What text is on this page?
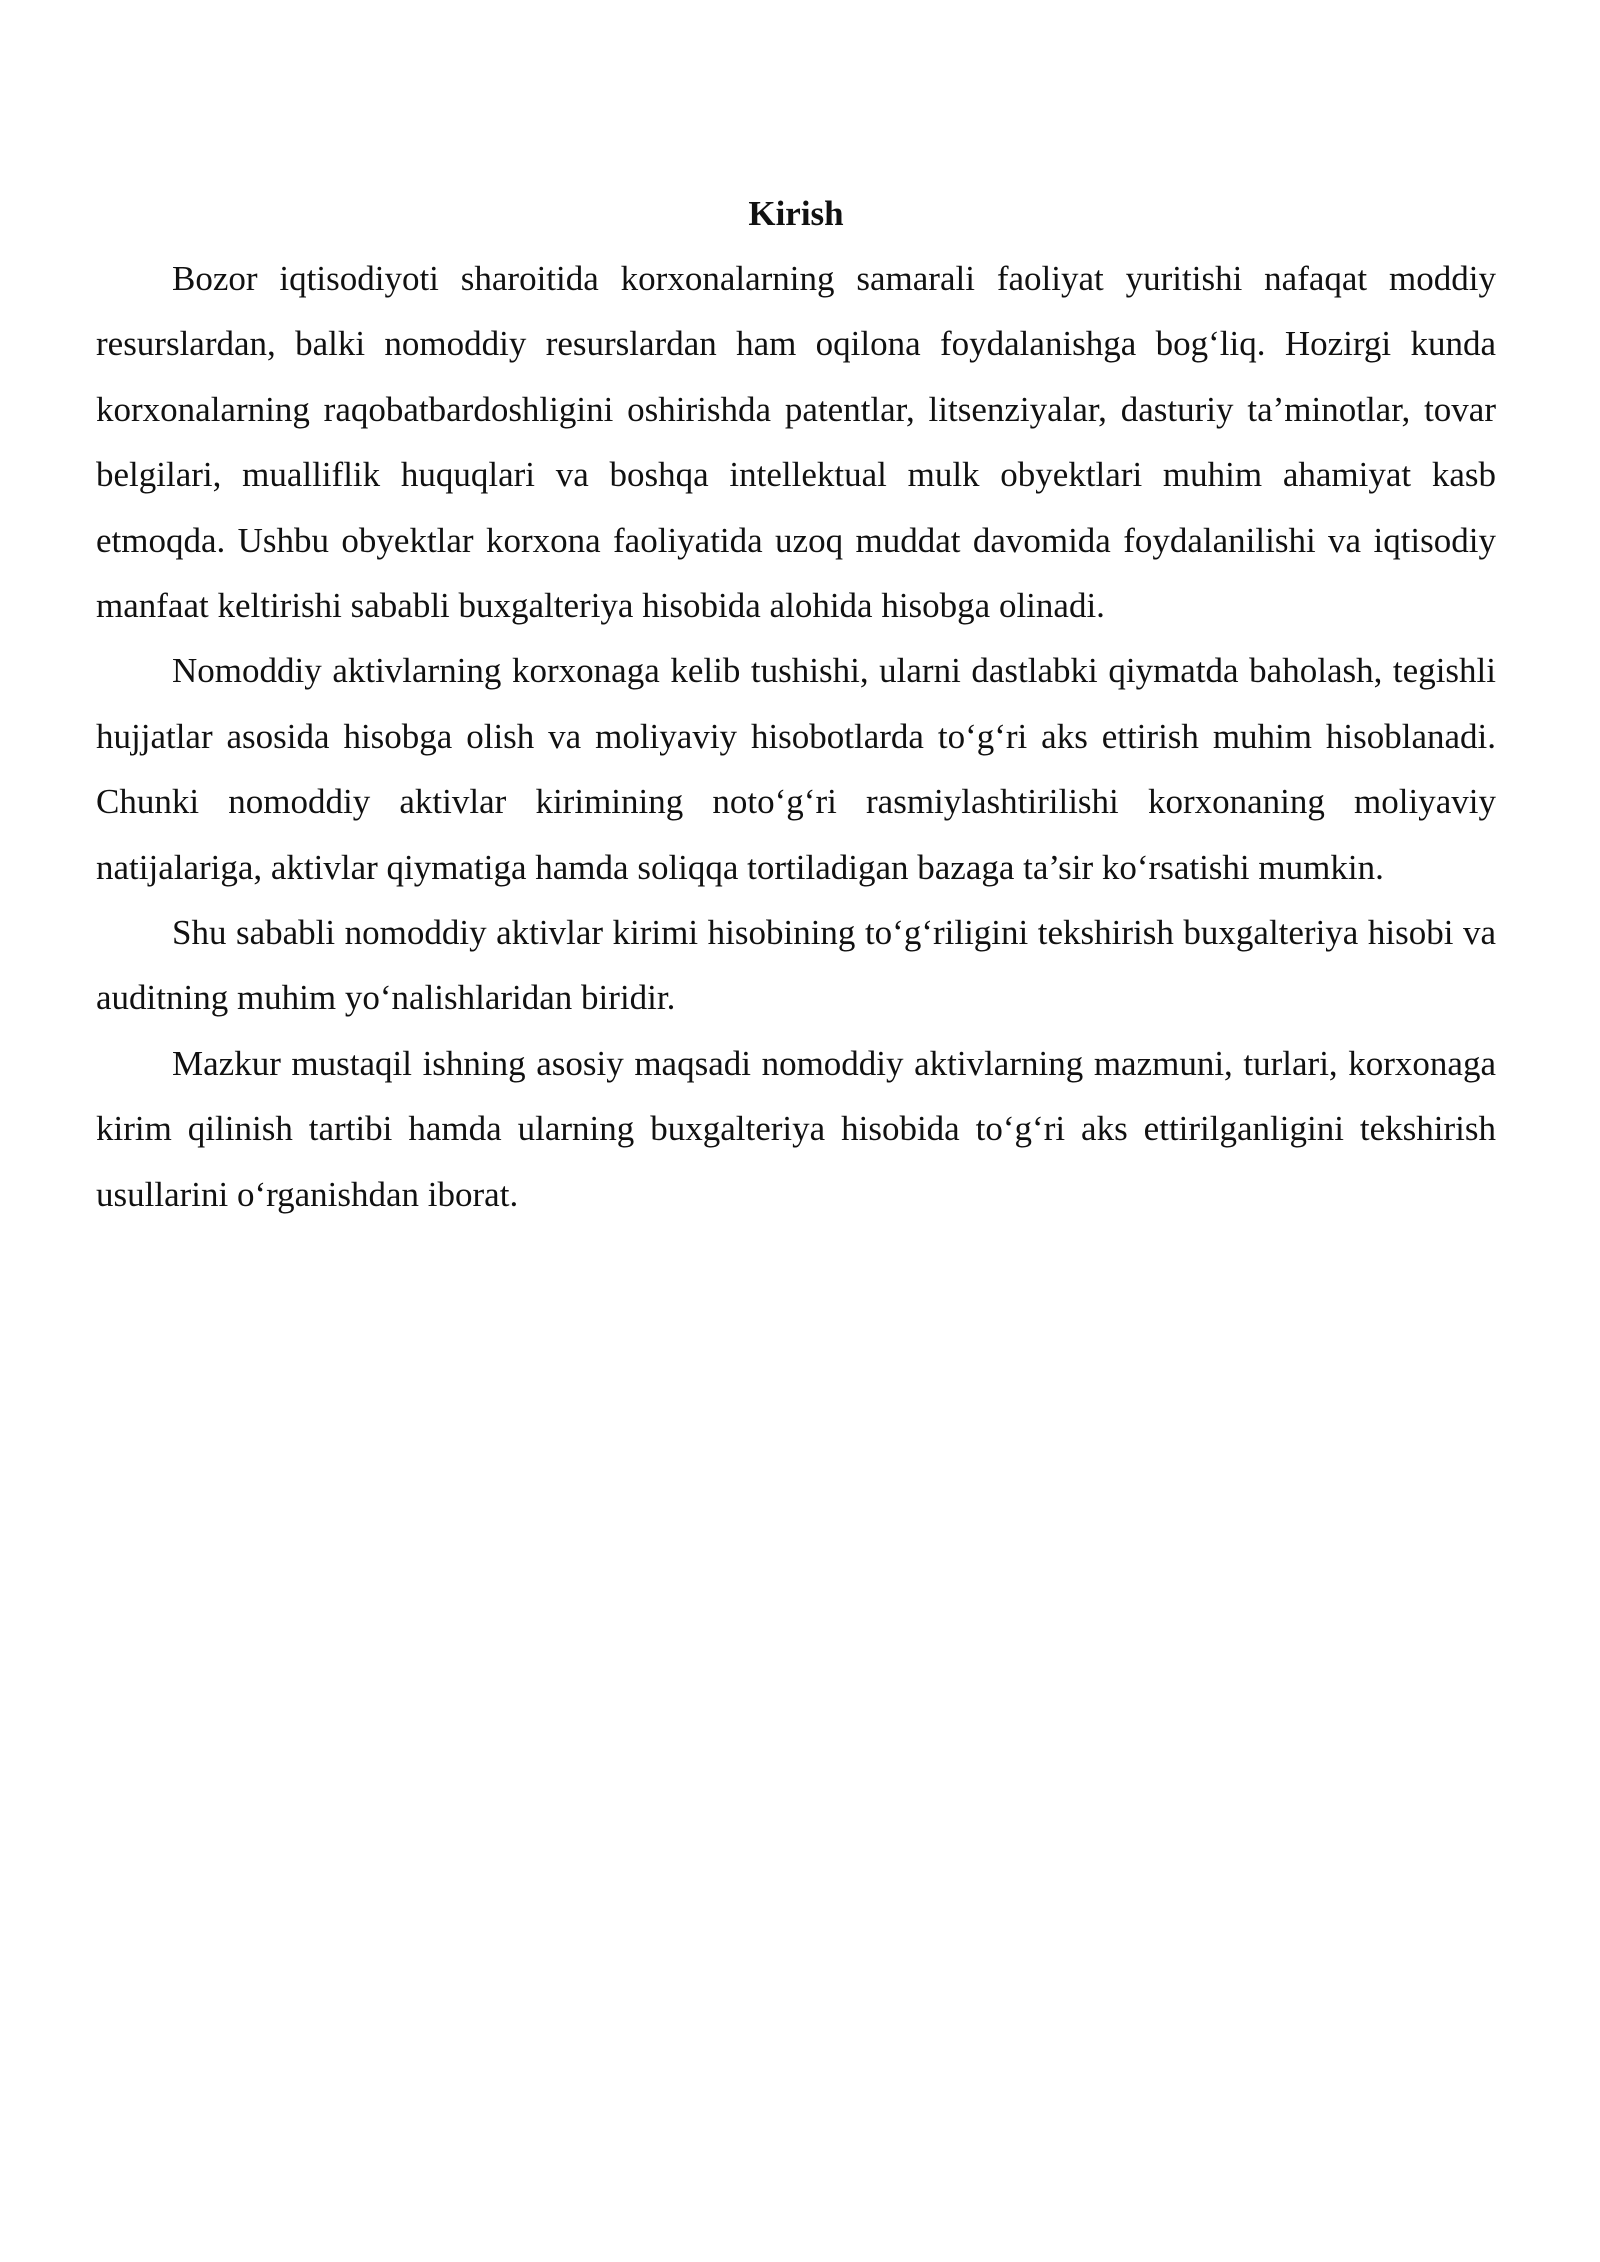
Kirish

Bozor iqtisodiyoti sharoitida korxonalarning samarali faoliyat yuritishi nafaqat moddiy resurslardan, balki nomoddiy resurslardan ham oqilona foydalanishga bog‘liq. Hozirgi kunda korxonalarning raqobatbardoshligini oshirishda patentlar, litsenziyalar, dasturiy ta’minotlar, tovar belgilari, mualliflik huquqlari va boshqa intellektual mulk obyektlari muhim ahamiyat kasb etmoqda. Ushbu obyektlar korxona faoliyatida uzoq muddat davomida foydalanilishi va iqtisodiy manfaat keltirishi sababli buxgalteriya hisobida alohida hisobga olinadi.

Nomoddiy aktivlarning korxonaga kelib tushishi, ularni dastlabki qiymatda baholash, tegishli hujjatlar asosida hisobga olish va moliyaviy hisobotlarda to‘g‘ri aks ettirish muhim hisoblanadi. Chunki nomoddiy aktivlar kirimining noto‘g‘ri rasmiylashtirilishi korxonaning moliyaviy natijalariga, aktivlar qiymatiga hamda soliqqa tortiladigan bazaga ta’sir ko‘rsatishi mumkin.

Shu sababli nomoddiy aktivlar kirimi hisobining to‘g‘riligini tekshirish buxgalteriya hisobi va auditning muhim yo‘nalishlaridan biridir.

Mazkur mustaqil ishning asosiy maqsadi nomoddiy aktivlarning mazmuni, turlari, korxonaga kirim qilinish tartibi hamda ularning buxgalteriya hisobida to‘g‘ri aks ettirilganligini tekshirish usullarini o‘rganishdan iborat.
